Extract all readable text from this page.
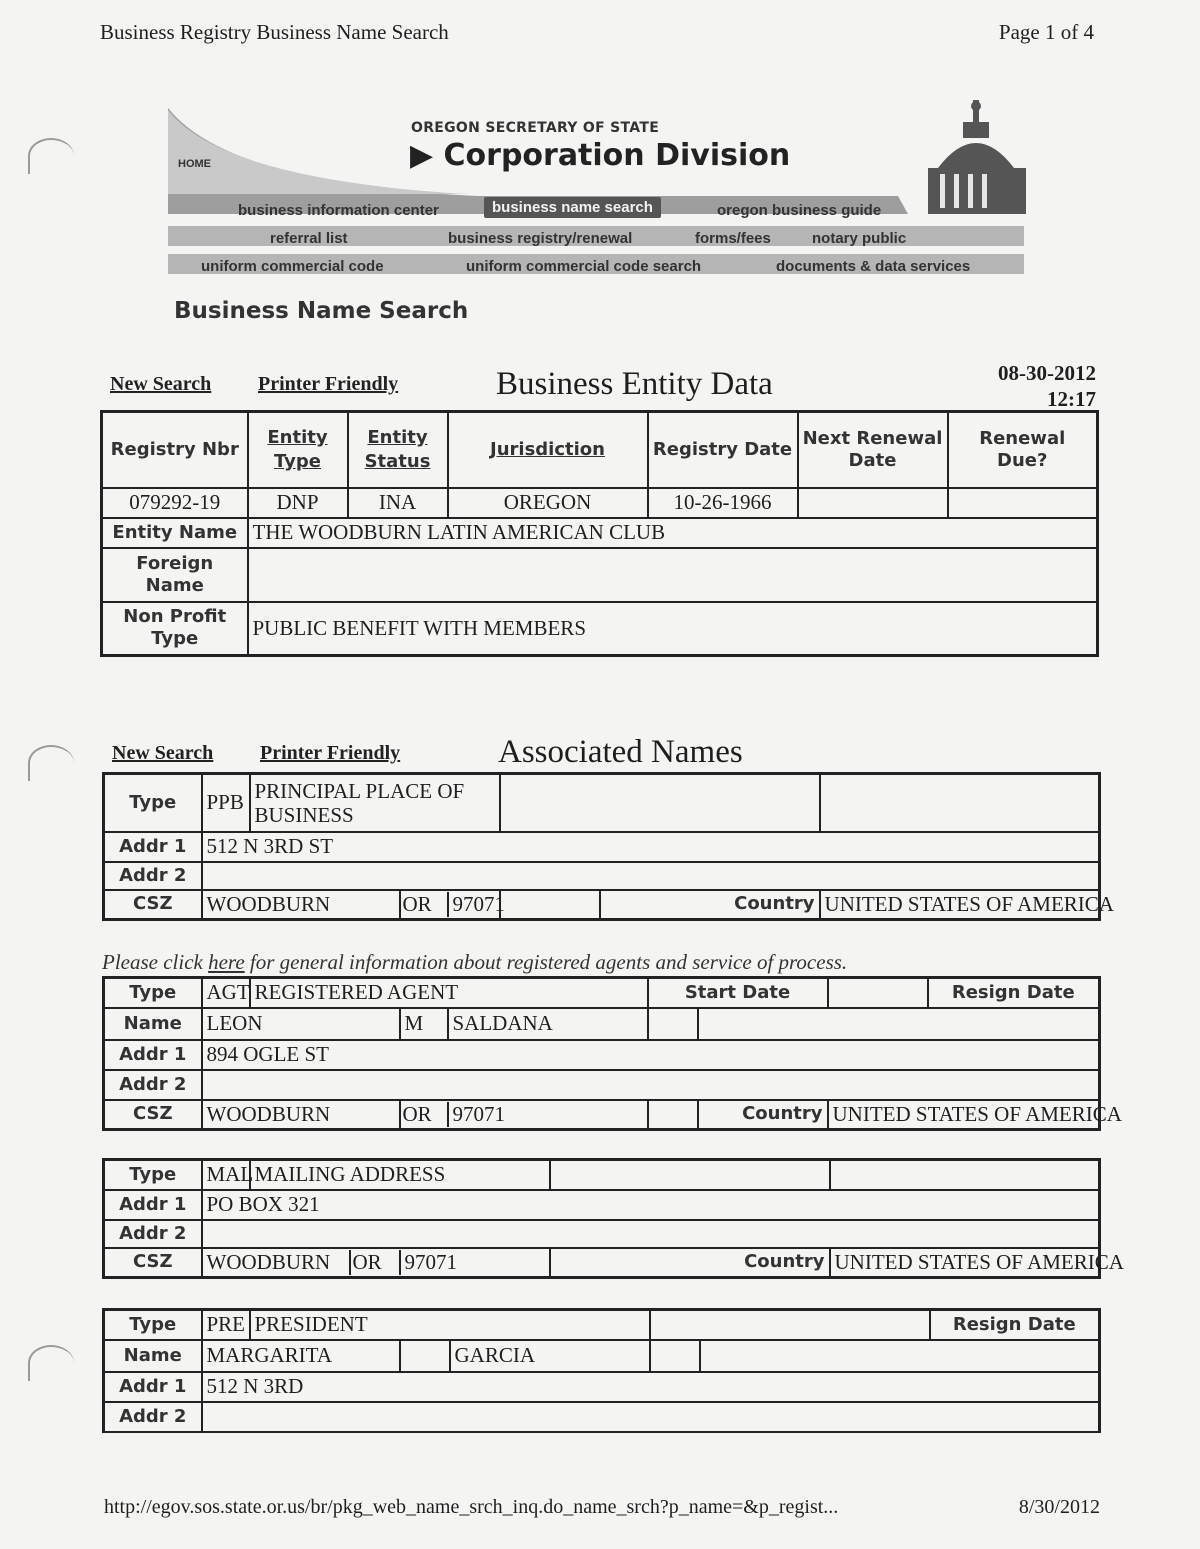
Business Registry Business Name Search	Page 1 of 4
HOME
OREGON SECRETARY OF STATE
▶ Corporation Division
business information center	business name search	oregon business guide
referral list	business registry/renewal	forms/fees	notary public
uniform commercial code	uniform commercial code search	documents & data services
Business Name Search
New Search Printer Friendly	Business Entity Data	08-30-2012
12:17
Registry Nbr	Entity Type	Entity Status	Jurisdiction	Registry Date	Next Renewal Date	Renewal Due?
079292-19	DNP	INA	OREGON	10-26-1966		
Entity Name	THE WOODBURN LATIN AMERICAN CLUB					
Foreign Name						
Non Profit Type	PUBLIC BENEFIT WITH MEMBERS					
New Search Printer Friendly	Associated Names
Type	PPB	PRINCIPAL PLACE OF BUSINESS				
Addr 1	512 N 3RD ST					
Addr 2						
CSZ	WOODBURN		OR 97071		Country	UNITED STATES OF AMERICA
Please click here for general information about registered agents and service of process.
Type	AGT	REGISTERED AGENT			Start Date			Resign Date
Name	LEON		M	SALDANA				
Addr 1	894 OGLE ST							
Addr 2								
CSZ	WOODBURN		OR 97071			Country	UNITED STATES OF AMERICA	
Type	MAL	MAILING ADDRESS		
Addr 1	PO BOX 321			
Addr 2				
CSZ	WOODBURN OR 97071		Country	UNITED STATES OF AMERICA
Type	PRE	PRESIDENT					Resign Date
Name	MARGARITA			GARCIA			
Addr 1	512 N 3RD						
Addr 2							
http://egov.sos.state.or.us/br/pkg_web_name_srch_inq.do_name_srch?p_name=&p_regist...	8/30/2012
